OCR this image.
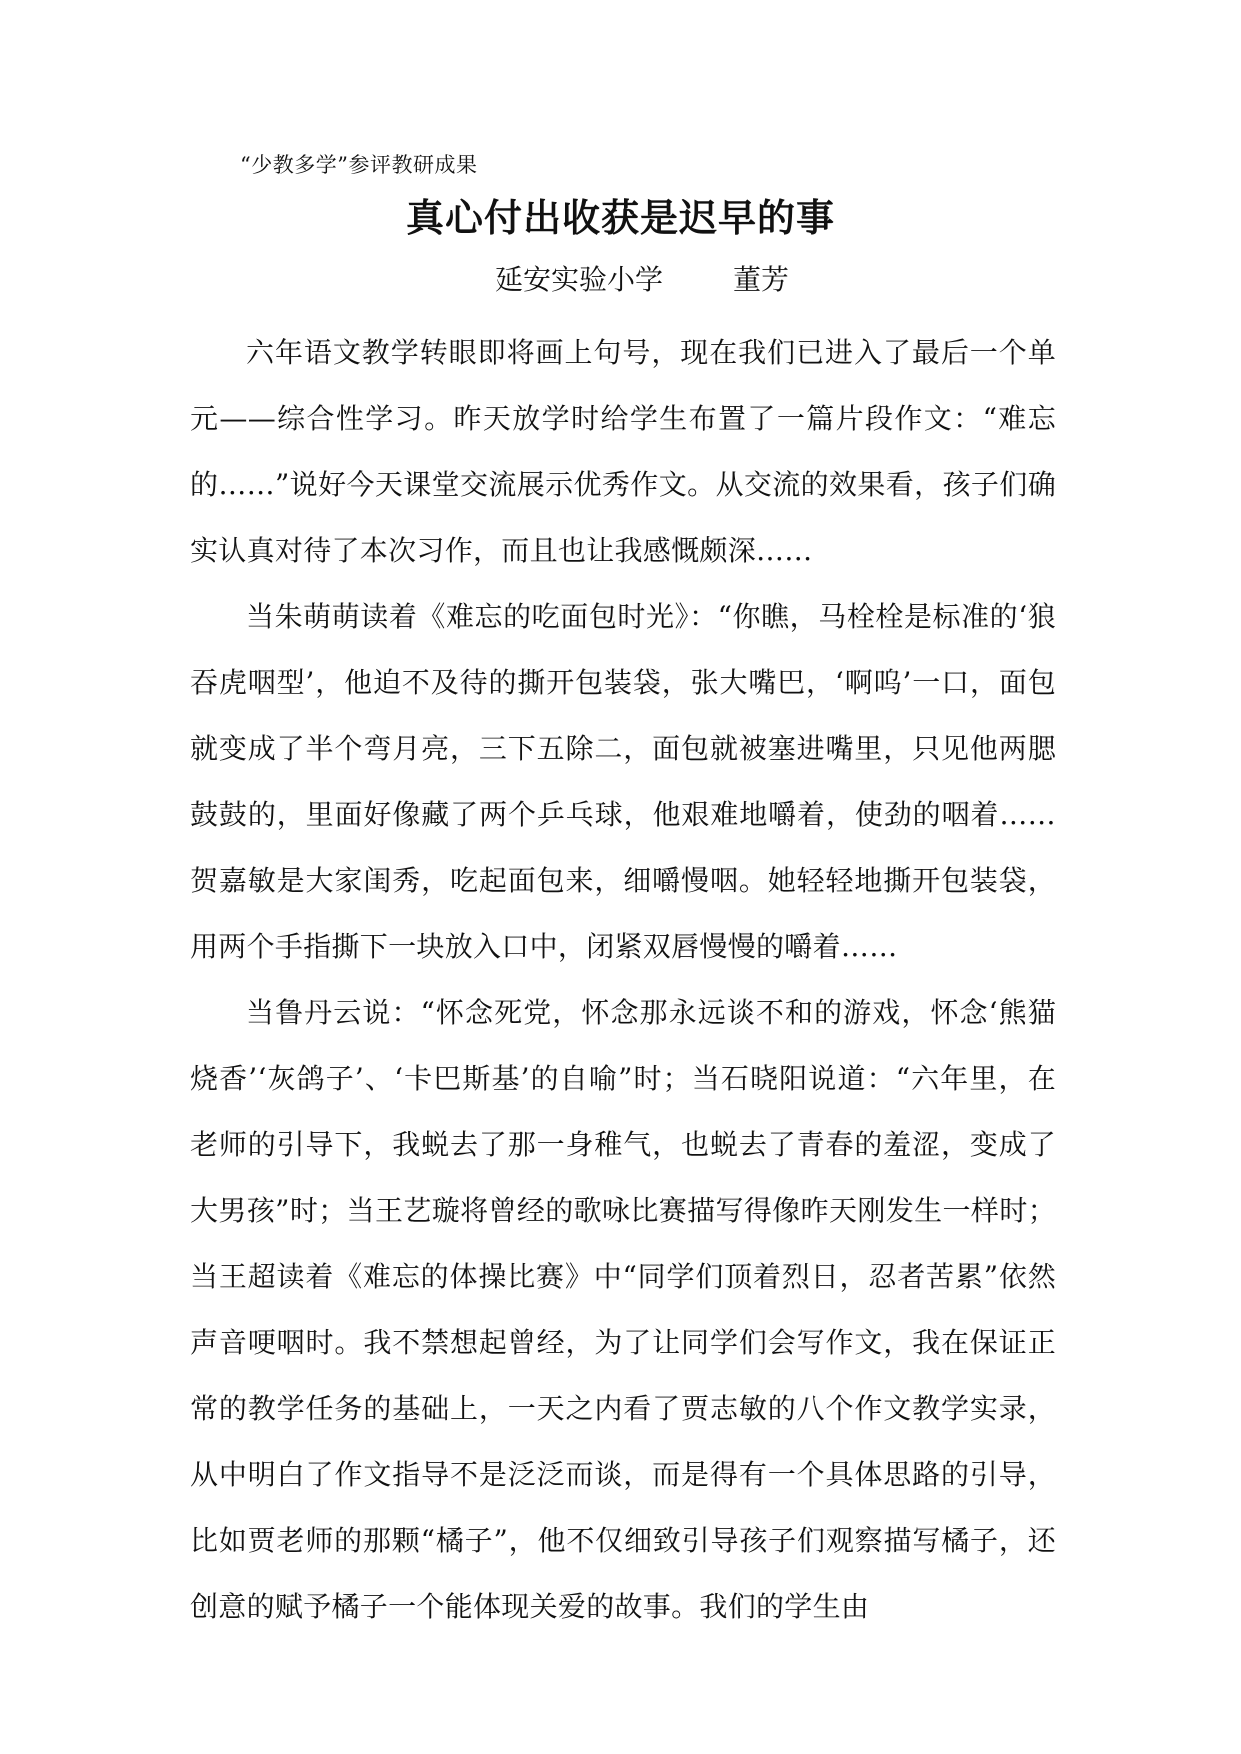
“少教多学”参评教研成果
真心付出收获是迟早的事
延安实验小学	董芳

六年语文教学转眼即将画上句号，现在我们已进入了最后一个单元——综合性学习。昨天放学时给学生布置了一篇片段作文：“难忘的……”说好今天课堂交流展示优秀作文。从交流的效果看，孩子们确实认真对待了本次习作，而且也让我感慨颇深……

当朱萌萌读着《难忘的吃面包时光》：“你瞧，马栓栓是标准的‘狼吞虎咽型’，他迫不及待的撕开包装袋，张大嘴巴，‘啊呜’一口，面包就变成了半个弯月亮，三下五除二，面包就被塞进嘴里，只见他两腮鼓鼓的，里面好像藏了两个乒乓球，他艰难地嚼着，使劲的咽着……贺嘉敏是大家闺秀，吃起面包来，细嚼慢咽。她轻轻地撕开包装袋，用两个手指撕下一块放入口中，闭紧双唇慢慢的嚼着……

当鲁丹云说：“怀念死党，怀念那永远谈不和的游戏，怀念‘熊猫烧香’‘灰鸽子’、‘卡巴斯基’的自喻”时；当石晓阳说道：“六年里，在老师的引导下，我蜕去了那一身稚气，也蜕去了青春的羞涩，变成了大男孩”时；当王艺璇将曾经的歌咏比赛描写得像昨天刚发生一样时；当王超读着《难忘的体操比赛》中“同学们顶着烈日，忍者苦累”依然声音哽咽时。我不禁想起曾经，为了让同学们会写作文，我在保证正常的教学任务的基础上，一天之内看了贾志敏的八个作文教学实录，从中明白了作文指导不是泛泛而谈，而是得有一个具体思路的引导，比如贾老师的那颗“橘子”，他不仅细致引导孩子们观察描写橘子，还创意的赋予橘子一个能体现关爱的故事。我们的学生由
